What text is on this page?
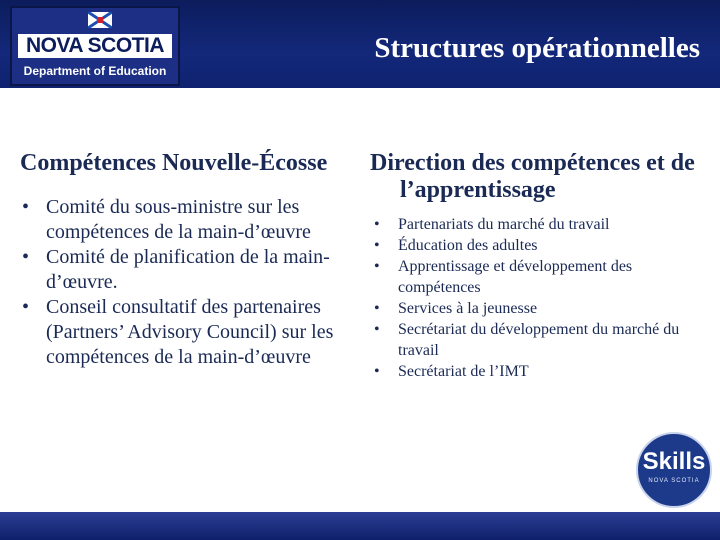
NOVA SCOTIA
Department of Education
Structures opérationnelles
Compétences Nouvelle-Écosse
• Comité du sous-ministre sur les compétences de la main-d’œuvre
• Comité de planification de la main-d’œuvre.
• Conseil consultatif des partenaires (Partners’ Advisory Council) sur les compétences de la main-d’œuvre
Direction des compétences et de l’apprentissage
• Partenariats du marché du travail
• Éducation des adultes
• Apprentissage et développement des compétences
• Services à la jeunesse
• Secrétariat du développement du marché du travail
• Secrétariat de l’IMT
Skills
NOVA SCOTIA
